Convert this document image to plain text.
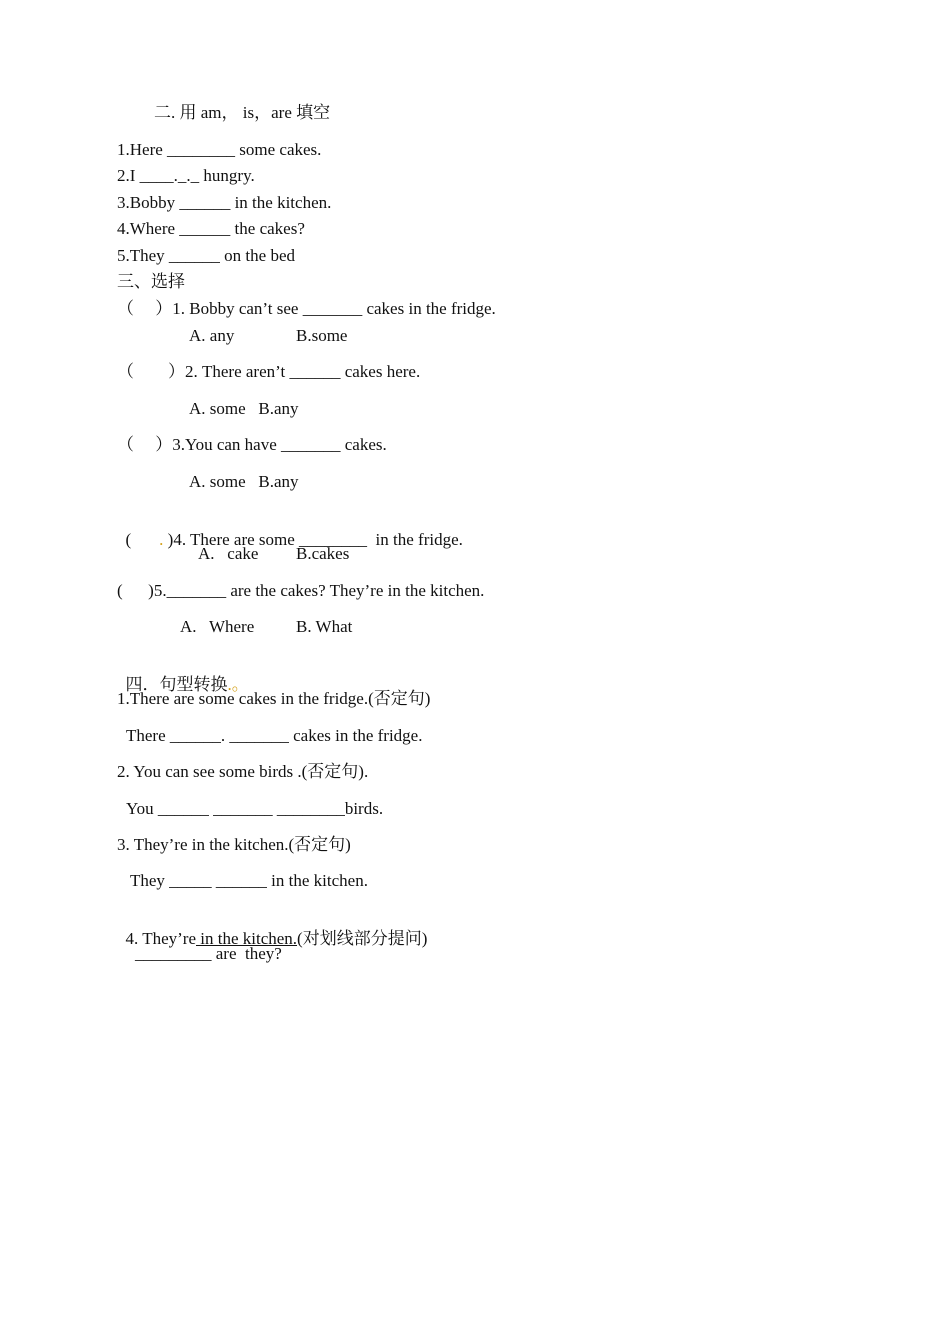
二. 用 am， is，are 填空
1.Here ________ some cakes.
2.I ____._._ hungry.
3.Bobby ______ in the kitchen.
4.Where ______ the cakes?
5.They ______ on the bed
三、选择
（　 ）1. Bobby can’t see _______ cakes in the fridge.
A. any	B.some
（　　）2. There aren’t ______ cakes here.
A. some   B.any
（　 ）3.You can have _______ cakes.
A. some   B.any

( . )4. There are some ________  in the fridge.

A.   cake B.cakes
(      )5._______ are the cakes? They’re in the kitchen.
A.   Where B. What

四．句型转换.。

1.There are some cakes in the fridge.(否定句)
There ______. _______ cakes in the fridge.
2. You can see some birds .(否定句).
You ______ _______ ________birds.
3. They’re in the kitchen.(否定句)
They _____ ______ in the kitchen.

4. They’re in the kitchen.(对划线部分提问)

_________ are  they?
